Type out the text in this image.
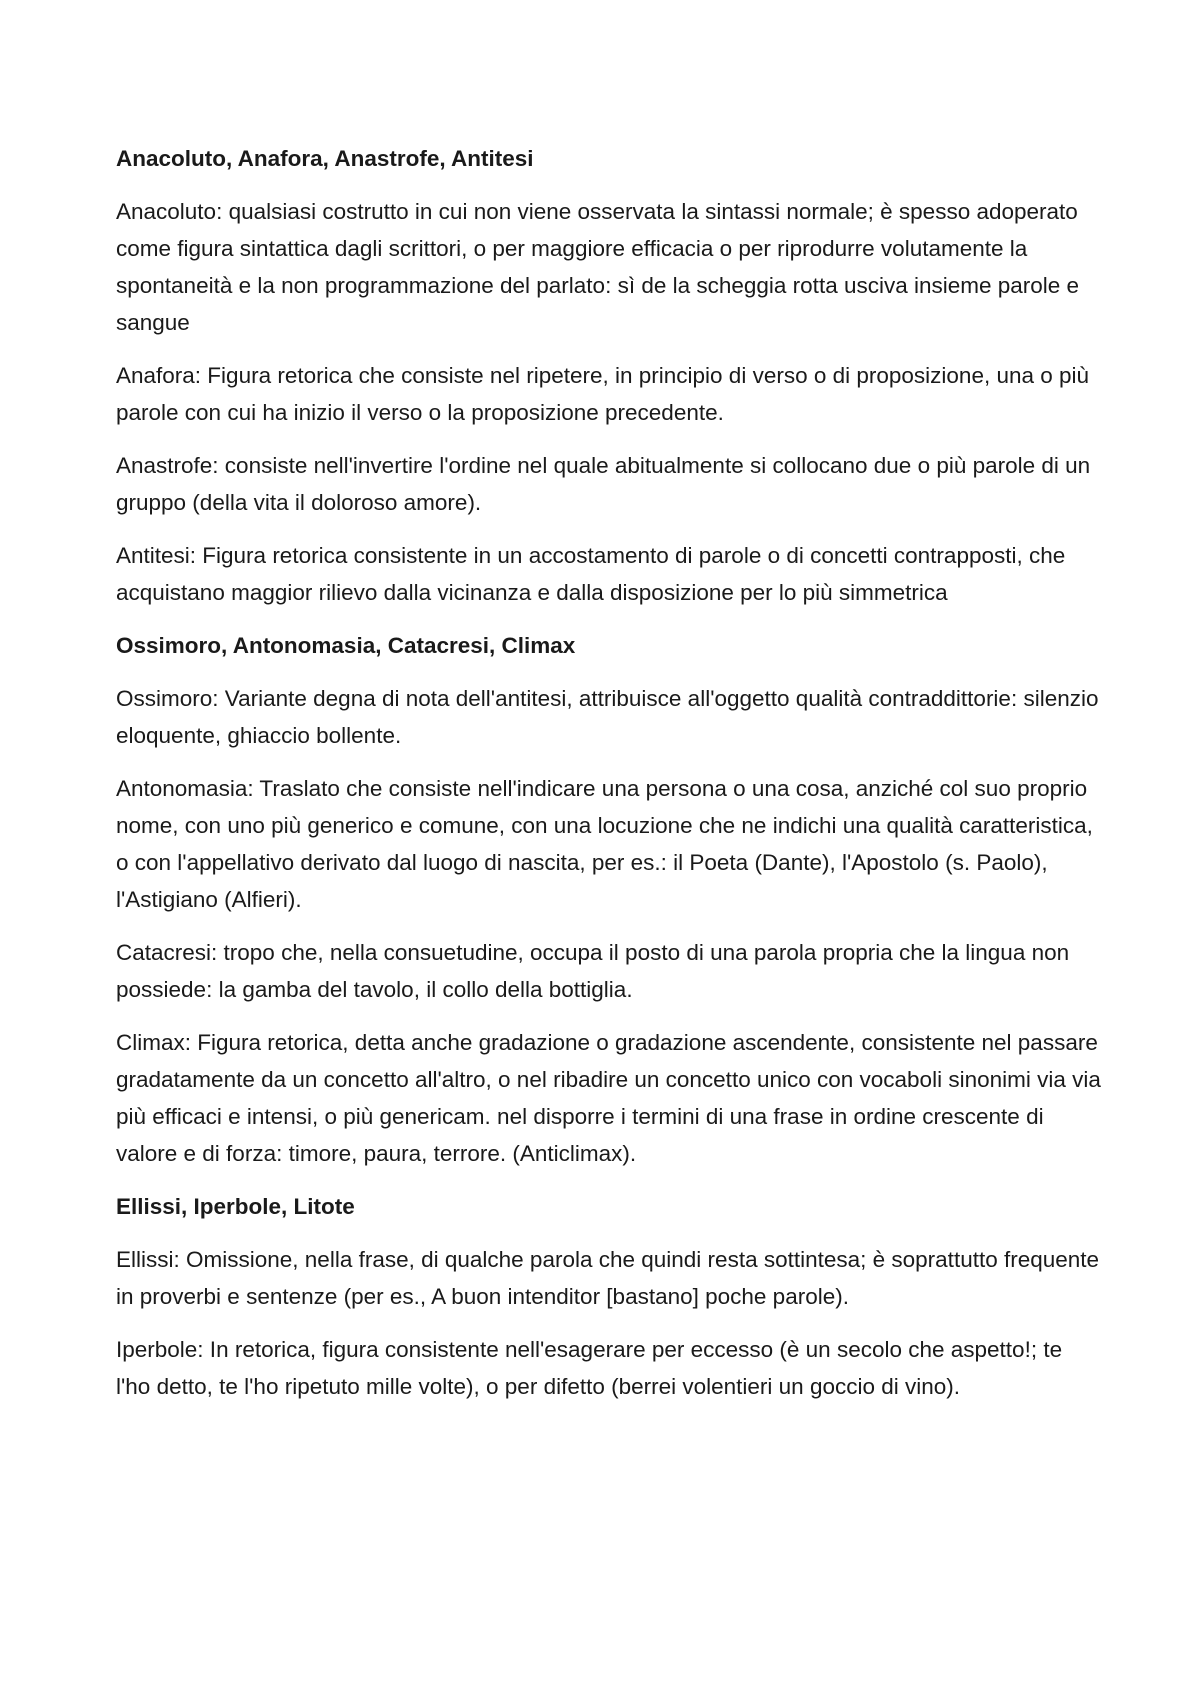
Anacoluto, Anafora, Anastrofe, Antitesi

Anacoluto: qualsiasi costrutto in cui non viene osservata la sintassi normale; è spesso adoperato come figura sintattica dagli scrittori, o per maggiore efficacia o per riprodurre volutamente la spontaneità e la non programmazione del parlato: sì de la scheggia rotta usciva insieme parole e sangue

Anafora: Figura retorica che consiste nel ripetere, in principio di verso o di proposizione, una o più parole con cui ha inizio il verso o la proposizione precedente.

Anastrofe: consiste nell'invertire l'ordine nel quale abitualmente si collocano due o più parole di un gruppo (della vita il doloroso amore).

Antitesi: Figura retorica consistente in un accostamento di parole o di concetti contrapposti, che acquistano maggior rilievo dalla vicinanza e dalla disposizione per lo più simmetrica

Ossimoro, Antonomasia, Catacresi, Climax

Ossimoro: Variante degna di nota dell'antitesi, attribuisce all'oggetto qualità contraddittorie: silenzio eloquente, ghiaccio bollente.

Antonomasia: Traslato che consiste nell'indicare una persona o una cosa, anziché col suo proprio nome, con uno più generico e comune, con una locuzione che ne indichi una qualità caratteristica, o con l'appellativo derivato dal luogo di nascita, per es.: il Poeta (Dante), l'Apostolo (s. Paolo), l'Astigiano (Alfieri).

Catacresi: tropo che, nella consuetudine, occupa il posto di una parola propria che la lingua non possiede: la gamba del tavolo, il collo della bottiglia.

Climax: Figura retorica, detta anche gradazione o gradazione ascendente, consistente nel passare gradatamente da un concetto all'altro, o nel ribadire un concetto unico con vocaboli sinonimi via via più efficaci e intensi, o più genericam. nel disporre i termini di una frase in ordine crescente di valore e di forza: timore, paura, terrore. (Anticlimax).

Ellissi, Iperbole, Litote

Ellissi: Omissione, nella frase, di qualche parola che quindi resta sottintesa; è soprattutto frequente in proverbi e sentenze (per es., A buon intenditor [bastano] poche parole).

Iperbole: In retorica, figura consistente nell'esagerare per eccesso (è un secolo che aspetto!; te l'ho detto, te l'ho ripetuto mille volte), o per difetto (berrei volentieri un goccio di vino).
